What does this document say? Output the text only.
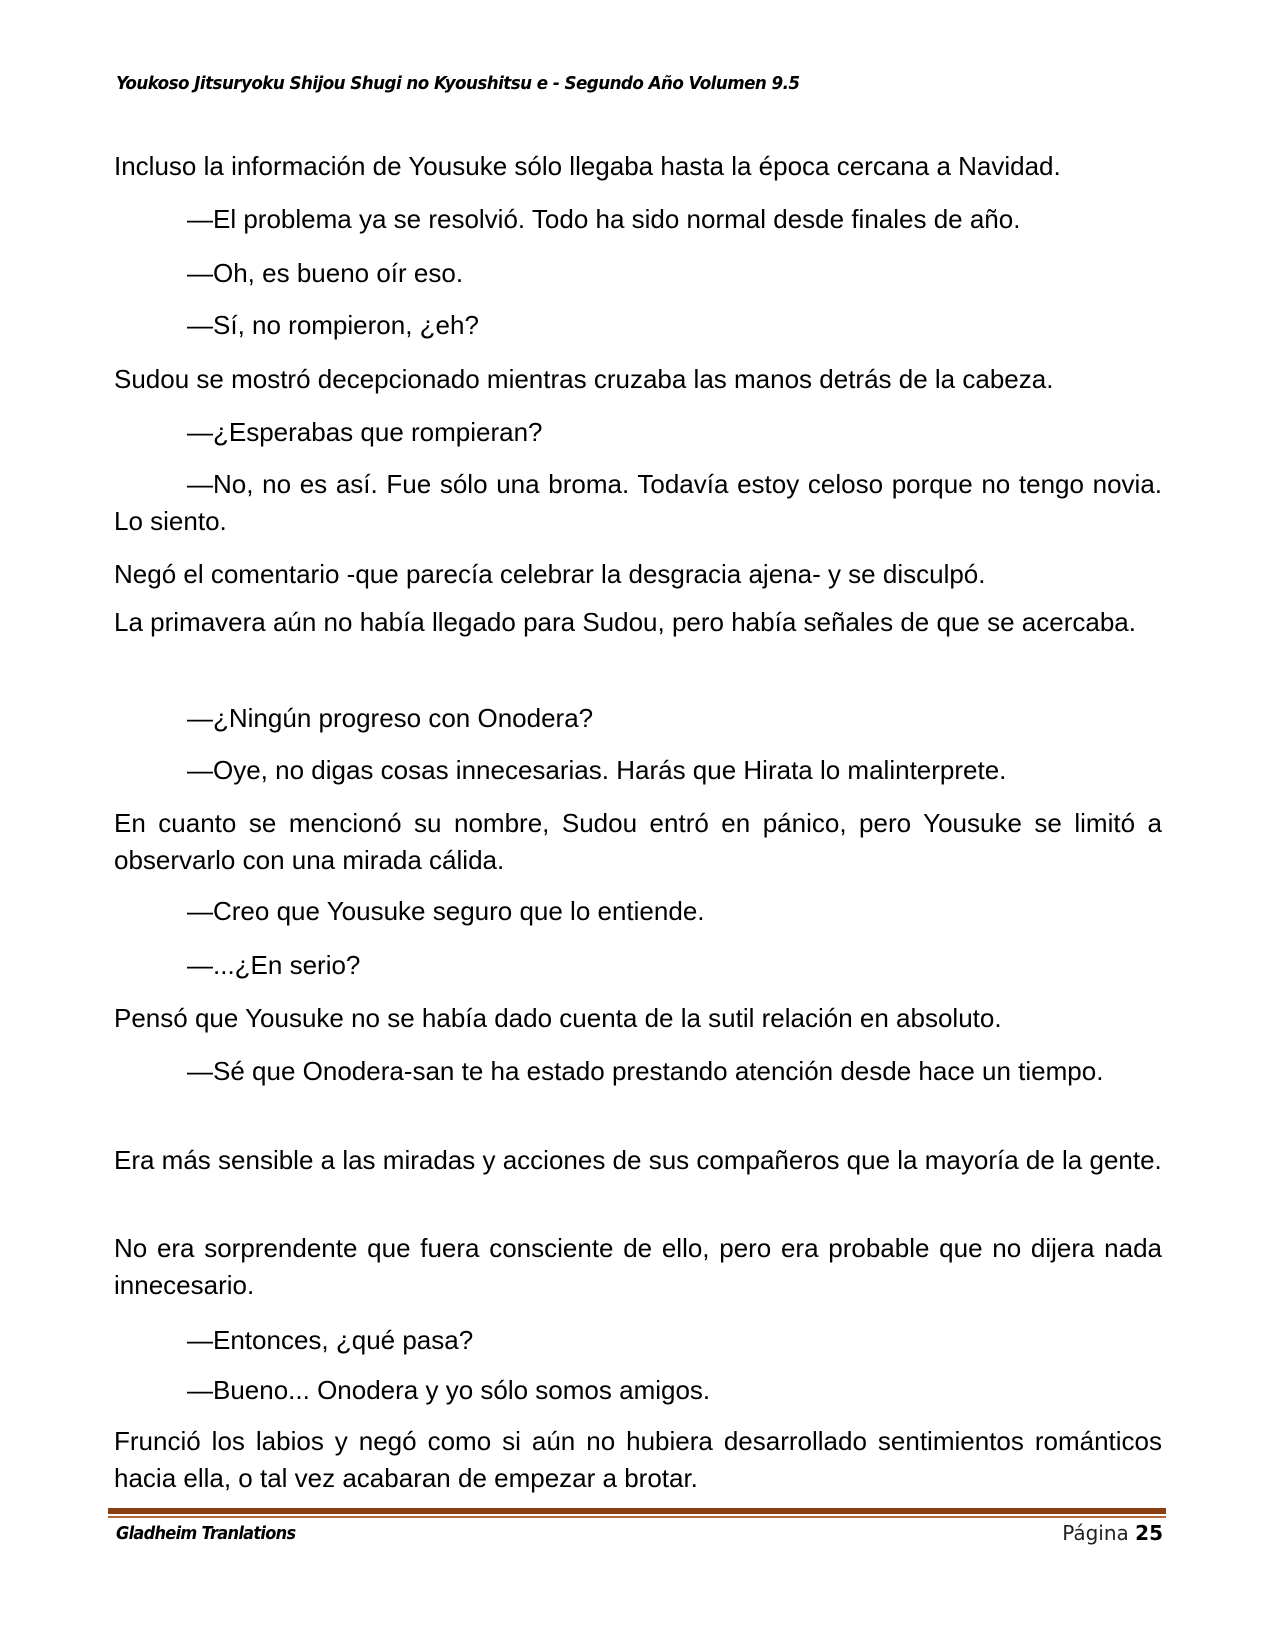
Youkoso Jitsuryoku Shijou Shugi no Kyoushitsu e - Segundo Año Volumen 9.5

Incluso la información de Yousuke sólo llegaba hasta la época cercana a Navidad.

—El problema ya se resolvió. Todo ha sido normal desde finales de año.

—Oh, es bueno oír eso.

—Sí, no rompieron, ¿eh?

Sudou se mostró decepcionado mientras cruzaba las manos detrás de la cabeza.

—¿Esperabas que rompieran?

—No, no es así. Fue sólo una broma. Todavía estoy celoso porque no tengo novia. Lo siento.

Negó el comentario -que parecía celebrar la desgracia ajena- y se disculpó.

La primavera aún no había llegado para Sudou, pero había señales de que se acercaba.

—¿Ningún progreso con Onodera?

—Oye, no digas cosas innecesarias. Harás que Hirata lo malinterprete.

En cuanto se mencionó su nombre, Sudou entró en pánico, pero Yousuke se limitó a observarlo con una mirada cálida.

—Creo que Yousuke seguro que lo entiende.

—...¿En serio?

Pensó que Yousuke no se había dado cuenta de la sutil relación en absoluto.

—Sé que Onodera-san te ha estado prestando atención desde hace un tiempo.

Era más sensible a las miradas y acciones de sus compañeros que la mayoría de la gente.

No era sorprendente que fuera consciente de ello, pero era probable que no dijera nada innecesario.

—Entonces, ¿qué pasa?

—Bueno... Onodera y yo sólo somos amigos.

Frunció los labios y negó como si aún no hubiera desarrollado sentimientos románticos hacia ella, o tal vez acabaran de empezar a brotar.

Gladheim Tranlations	Página 25
